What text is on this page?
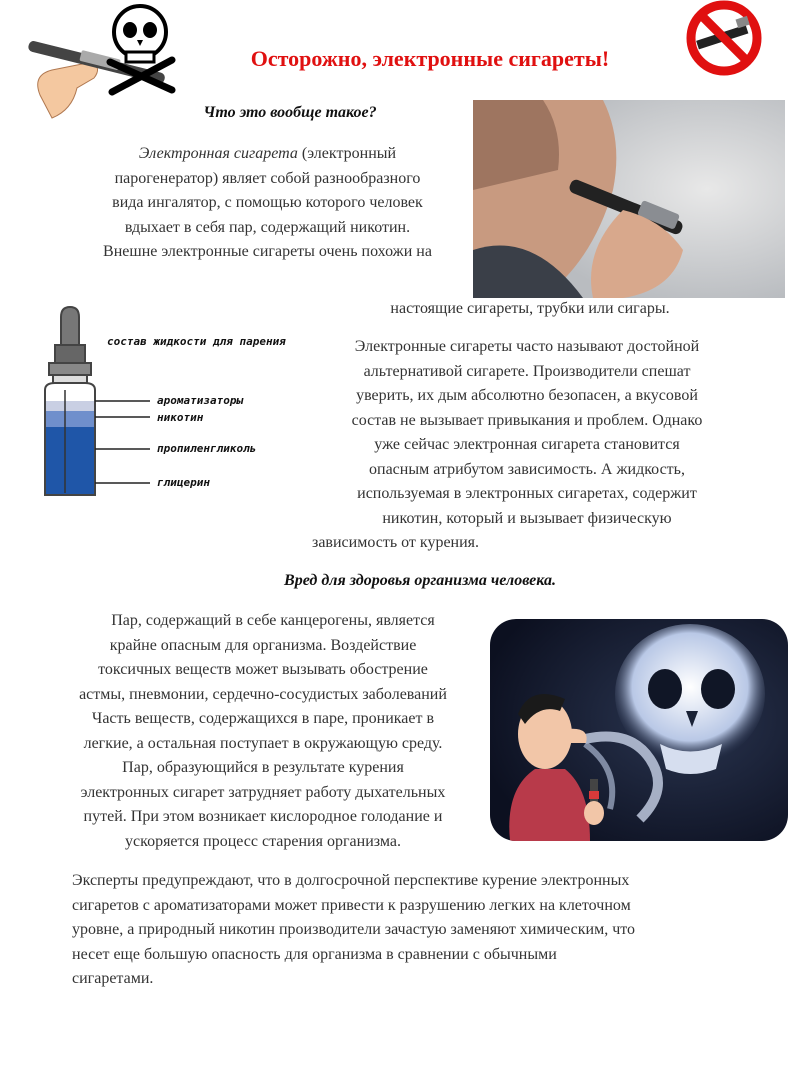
Осторожно, электронные сигареты!
Что это вообще такое?

Электронная сигарета (электронный

парогенератор) являет собой разнообразного

вида ингалятор, с помощью которого человек

вдыхает в себя пар, содержащий никотин.

Внешне электронные сигареты очень похожи на

настоящие сигареты, трубки или сигары.
состав жидкости для парения
ароматизаторы
никотин
пропиленгликоль
глицерин

Электронные сигареты часто называют достойной

альтернативой сигарете. Производители спешат

уверить, их дым абсолютно безопасен, а вкусовой

состав не вызывает привыкания и проблем. Однако

уже сейчас электронная сигарета становится

опасным атрибутом зависимость. А жидкость,

используемая в электронных сигаретах, содержит

никотин, который и вызывает физическую

зависимость от курения.

Вред для здоровья организма человека.

Пар, содержащий в себе канцерогены, является

крайне опасным для организма. Воздействие

токсичных веществ может вызывать обострение

астмы, пневмонии, сердечно-сосудистых заболеваний

Часть веществ, содержащихся в паре, проникает в

легкие, а остальная поступает в окружающую среду.

Пар, образующийся в результате курения

электронных сигарет затрудняет работу дыхательных

путей. При этом возникает кислородное голодание и

ускоряется процесс старения организма.

Эксперты предупреждают, что в долгосрочной перспективе курение электронных

сигаретов с ароматизаторами может привести к разрушению легких на клеточном

уровне, а природный никотин производители зачастую заменяют химическим, что

несет еще большую опасность для организма в сравнении с обычными

сигаретами.
